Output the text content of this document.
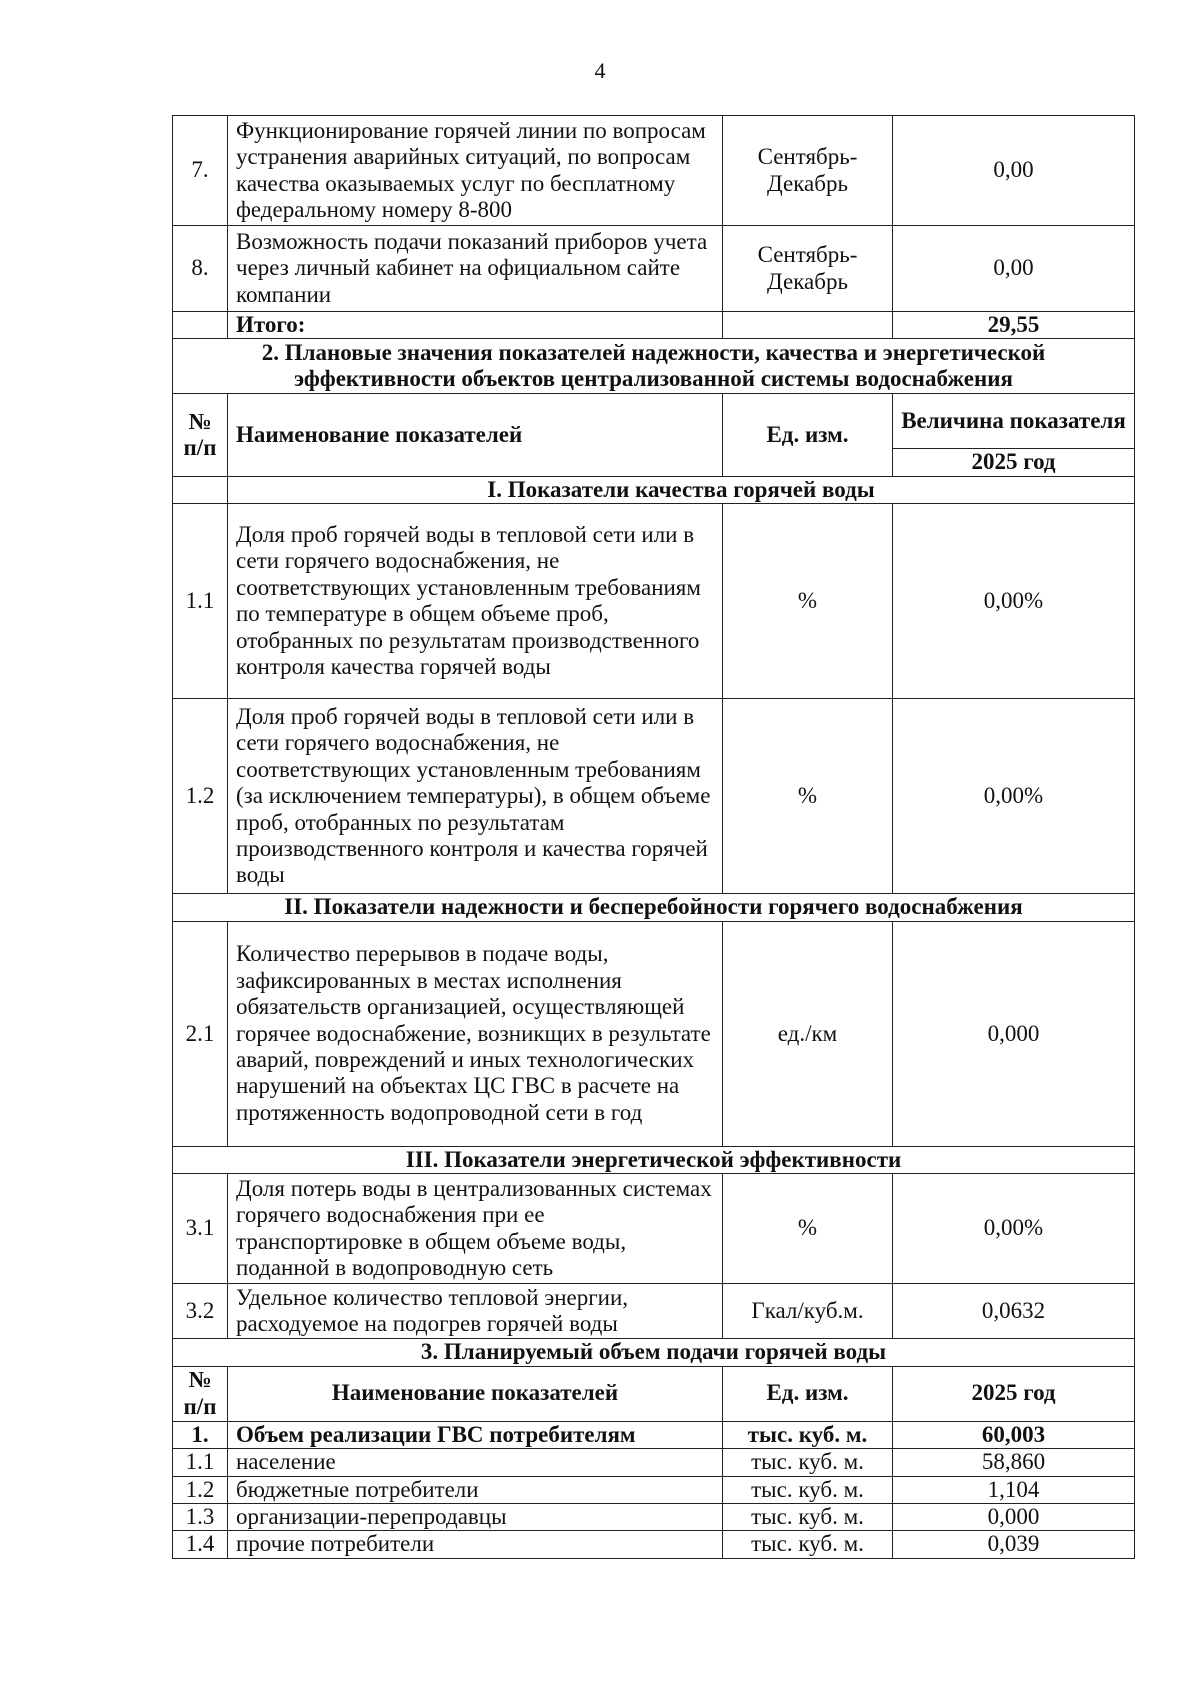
4
7.	Функционирование горячей линии по вопросам устранения аварийных ситуаций, по вопросам качества оказываемых услуг по бесплатному федеральному номеру 8-800	Сентябрь-Декабрь	0,00
8.	Возможность подачи показаний приборов учета через личный кабинет на официальном сайте компании	Сентябрь-Декабрь	0,00
	Итого:		29,55
2. Плановые значения показателей надежности, качества и энергетической эффективности объектов централизованной системы водоснабжения			
№ п/п	Наименование показателей	Ед. изм.	Величина показателя
			2025 год
	I. Показатели качества горячей воды		
1.1	Доля проб горячей воды в тепловой сети или в сети горячего водоснабжения, не соответствующих установленным требованиям по температуре в общем объеме проб, отобранных по результатам производственного контроля качества горячей воды	%	0,00%
1.2	Доля проб горячей воды в тепловой сети или в сети горячего водоснабжения, не соответствующих установленным требованиям (за исключением температуры), в общем объеме проб, отобранных по результатам производственного контроля и качества горячей воды	%	0,00%
II. Показатели надежности и бесперебойности горячего водоснабжения			
2.1	Количество перерывов в подаче воды, зафиксированных в местах исполнения обязательств организацией, осуществляющей горячее водоснабжение, возникщих в результате аварий, повреждений и иных технологических нарушений на объектах ЦС ГВС в расчете на протяженность водопроводной сети в год	ед./км	0,000
III. Показатели энергетической эффективности			
3.1	Доля потерь воды в централизованных системах горячего водоснабжения при ее транспортировке в общем объеме воды, поданной в водопроводную сеть	%	0,00%
3.2	Удельное количество тепловой энергии, расходуемое на подогрев горячей воды	Гкал/куб.м.	0,0632
3. Планируемый объем подачи горячей воды			
№ п/п	Наименование показателей	Ед. изм.	2025 год
1.	Объем реализации ГВС потребителям	тыс. куб. м.	60,003
1.1	население	тыс. куб. м.	58,860
1.2	бюджетные потребители	тыс. куб. м.	1,104
1.3	организации-перепродавцы	тыс. куб. м.	0,000
1.4	прочие потребители	тыс. куб. м.	0,039
